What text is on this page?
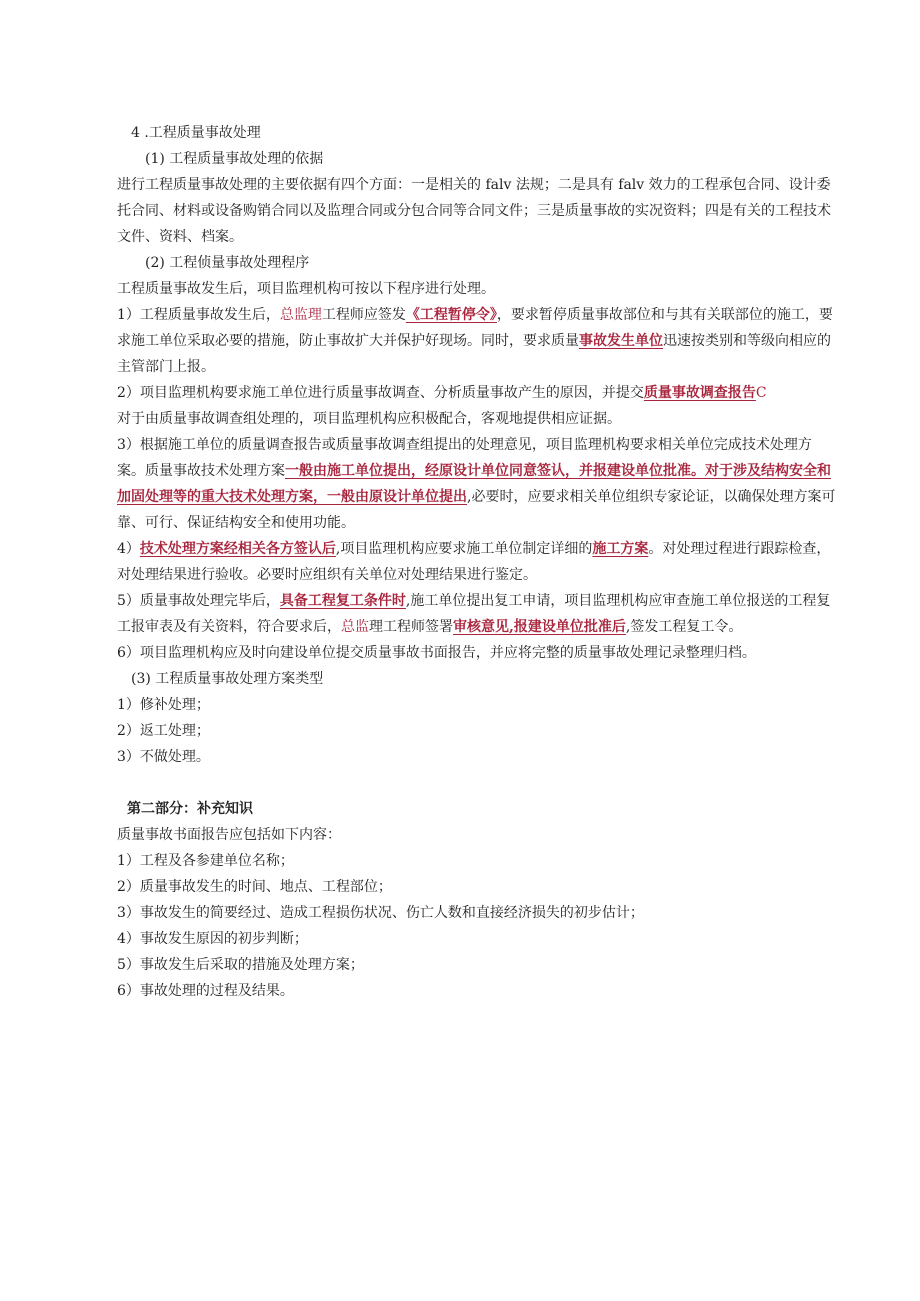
4 .工程质量事故处理

(1) 工程质量事故处理的依据

进行工程质量事故处理的主要依据有四个方面：一是相关的 falv 法规；二是具有 falv 效力的工程承包合同、设计委托合同、材料或设备购销合同以及监理合同或分包合同等合同文件；三是质量事故的实况资料；四是有关的工程技术文件、资料、档案。

(2) 工程侦量事故处理程序

工程质量事故发生后，项目监理机构可按以下程序进行处理。

1）工程质量事故发生后，总监理工程师应签发《工程暂停令》，要求暂停质量事故部位和与其有关联部位的施工，要求施工单位采取必要的措施，防止事故扩大并保护好现场。同时，要求质量事故发生单位迅速按类别和等级向相应的主管部门上报。

2）项目监理机构要求施工单位进行质量事故调查、分析质量事故产生的原因，并提交质量事故调查报告C
对于由质量事故调查组处理的，项目监理机构应积极配合，客观地提供相应证据。

3）根据施工单位的质量调查报告或质量事故调查组提出的处理意见，项目监理机构要求相关单位完成技术处理方案。质量事故技术处理方案一般由施工单位提出，经原设计单位同意签认，并报建设单位批准。对于涉及结构安全和加固处理等的重大技术处理方案，一般由原设计单位提出,必要时，应要求相关单位组织专家论证，以确保处理方案可靠、可行、保证结构安全和使用功能。

4）技术处理方案经相关各方签认后,项目监理机构应要求施工单位制定详细的施工方案。对处理过程进行跟踪检查，对处理结果进行验收。必要时应组织有关单位对处理结果进行鉴定。

5）质量事故处理完毕后，具备工程复工条件时,施工单位提出复工申请，项目监理机构应审查施工单位报送的工程复工报审表及有关资料，符合要求后，总监理工程师签署审核意见,报建设单位批准后,签发工程复工令。

6）项目监理机构应及时向建设单位提交质量事故书面报告，并应将完整的质量事故处理记录整理归档。

(3) 工程质量事故处理方案类型

1）修补处理；

2）返工处理；

3）不做处理。

第二部分：补充知识

质量事故书面报告应包括如下内容：

1）工程及各参建单位名称；

2）质量事故发生的时间、地点、工程部位；

3）事故发生的简要经过、造成工程损伤状况、伤亡人数和直接经济损失的初步估计；

4）事故发生原因的初步判断；

5）事故发生后采取的措施及处理方案；

6）事故处理的过程及结果。
